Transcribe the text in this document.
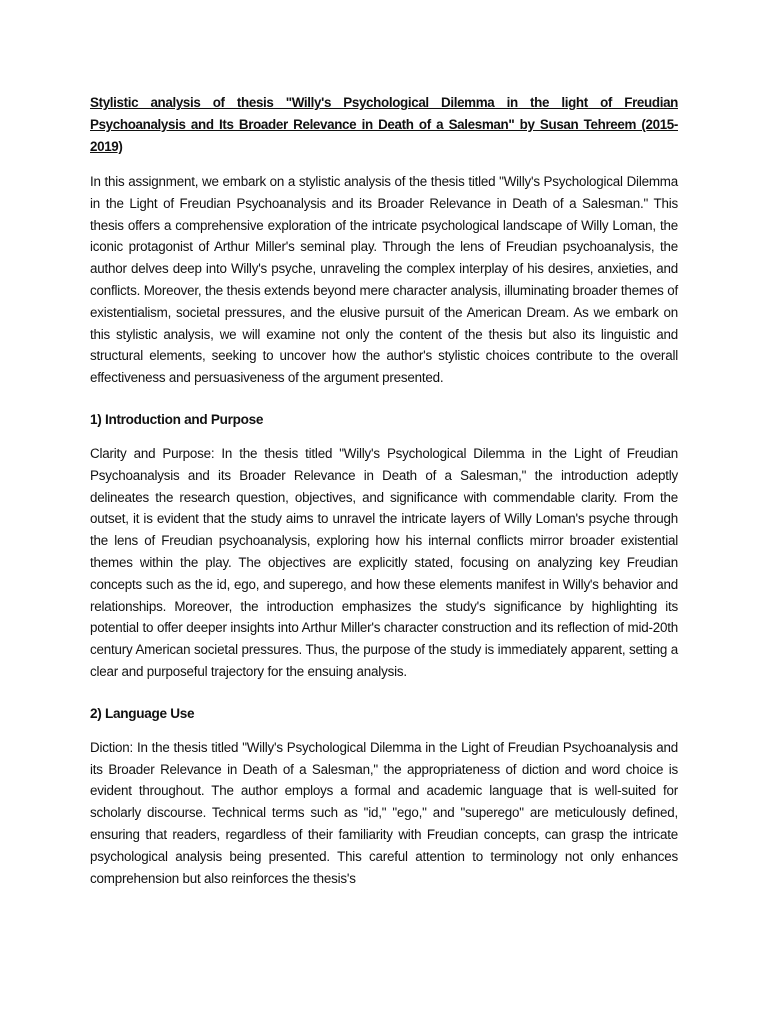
Stylistic analysis of thesis "Willy's Psychological Dilemma in the light of Freudian Psychoanalysis and Its Broader Relevance in Death of a Salesman" by Susan Tehreem (2015-2019)

In this assignment, we embark on a stylistic analysis of the thesis titled "Willy's Psychological Dilemma in the Light of Freudian Psychoanalysis and its Broader Relevance in Death of a Salesman." This thesis offers a comprehensive exploration of the intricate psychological landscape of Willy Loman, the iconic protagonist of Arthur Miller's seminal play. Through the lens of Freudian psychoanalysis, the author delves deep into Willy's psyche, unraveling the complex interplay of his desires, anxieties, and conflicts. Moreover, the thesis extends beyond mere character analysis, illuminating broader themes of existentialism, societal pressures, and the elusive pursuit of the American Dream. As we embark on this stylistic analysis, we will examine not only the content of the thesis but also its linguistic and structural elements, seeking to uncover how the author's stylistic choices contribute to the overall effectiveness and persuasiveness of the argument presented.

1) Introduction and Purpose

Clarity and Purpose: In the thesis titled "Willy's Psychological Dilemma in the Light of Freudian Psychoanalysis and its Broader Relevance in Death of a Salesman," the introduction adeptly delineates the research question, objectives, and significance with commendable clarity. From the outset, it is evident that the study aims to unravel the intricate layers of Willy Loman's psyche through the lens of Freudian psychoanalysis, exploring how his internal conflicts mirror broader existential themes within the play. The objectives are explicitly stated, focusing on analyzing key Freudian concepts such as the id, ego, and superego, and how these elements manifest in Willy's behavior and relationships. Moreover, the introduction emphasizes the study's significance by highlighting its potential to offer deeper insights into Arthur Miller's character construction and its reflection of mid-20th century American societal pressures. Thus, the purpose of the study is immediately apparent, setting a clear and purposeful trajectory for the ensuing analysis.

2) Language Use

Diction: In the thesis titled "Willy's Psychological Dilemma in the Light of Freudian Psychoanalysis and its Broader Relevance in Death of a Salesman," the appropriateness of diction and word choice is evident throughout. The author employs a formal and academic language that is well-suited for scholarly discourse. Technical terms such as "id," "ego," and "superego" are meticulously defined, ensuring that readers, regardless of their familiarity with Freudian concepts, can grasp the intricate psychological analysis being presented. This careful attention to terminology not only enhances comprehension but also reinforces the thesis's
